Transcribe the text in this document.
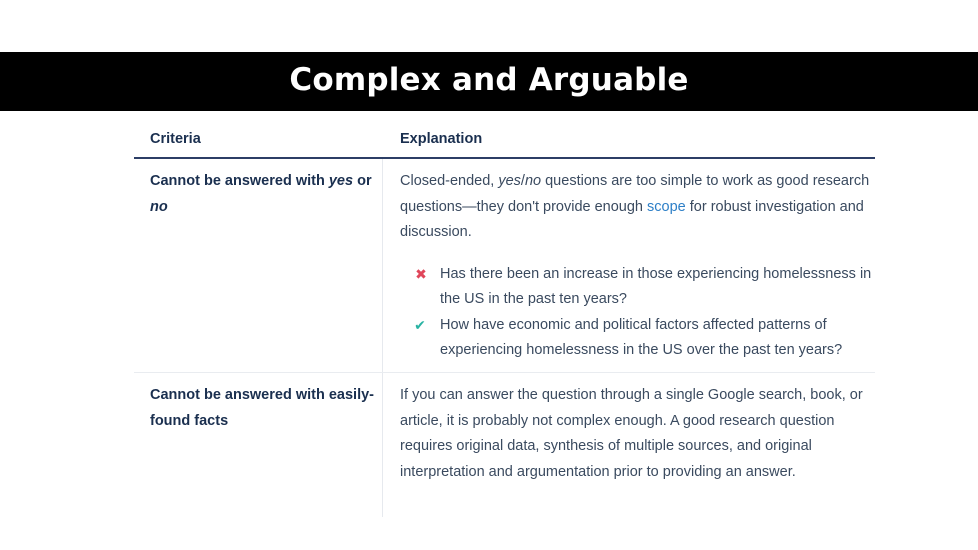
Complex and Arguable
Criteria	Explanation
Cannot be answered with yes or no
Closed-ended, yes/no questions are too simple to work as good research questions—they don't provide enough scope for robust investigation and discussion.
✖ Has there been an increase in those experiencing homelessness in the US in the past ten years?
✔ How have economic and political factors affected patterns of experiencing homelessness in the US over the past ten years?
Cannot be answered with easily-found facts
If you can answer the question through a single Google search, book, or article, it is probably not complex enough. A good research question requires original data, synthesis of multiple sources, and original interpretation and argumentation prior to providing an answer.
